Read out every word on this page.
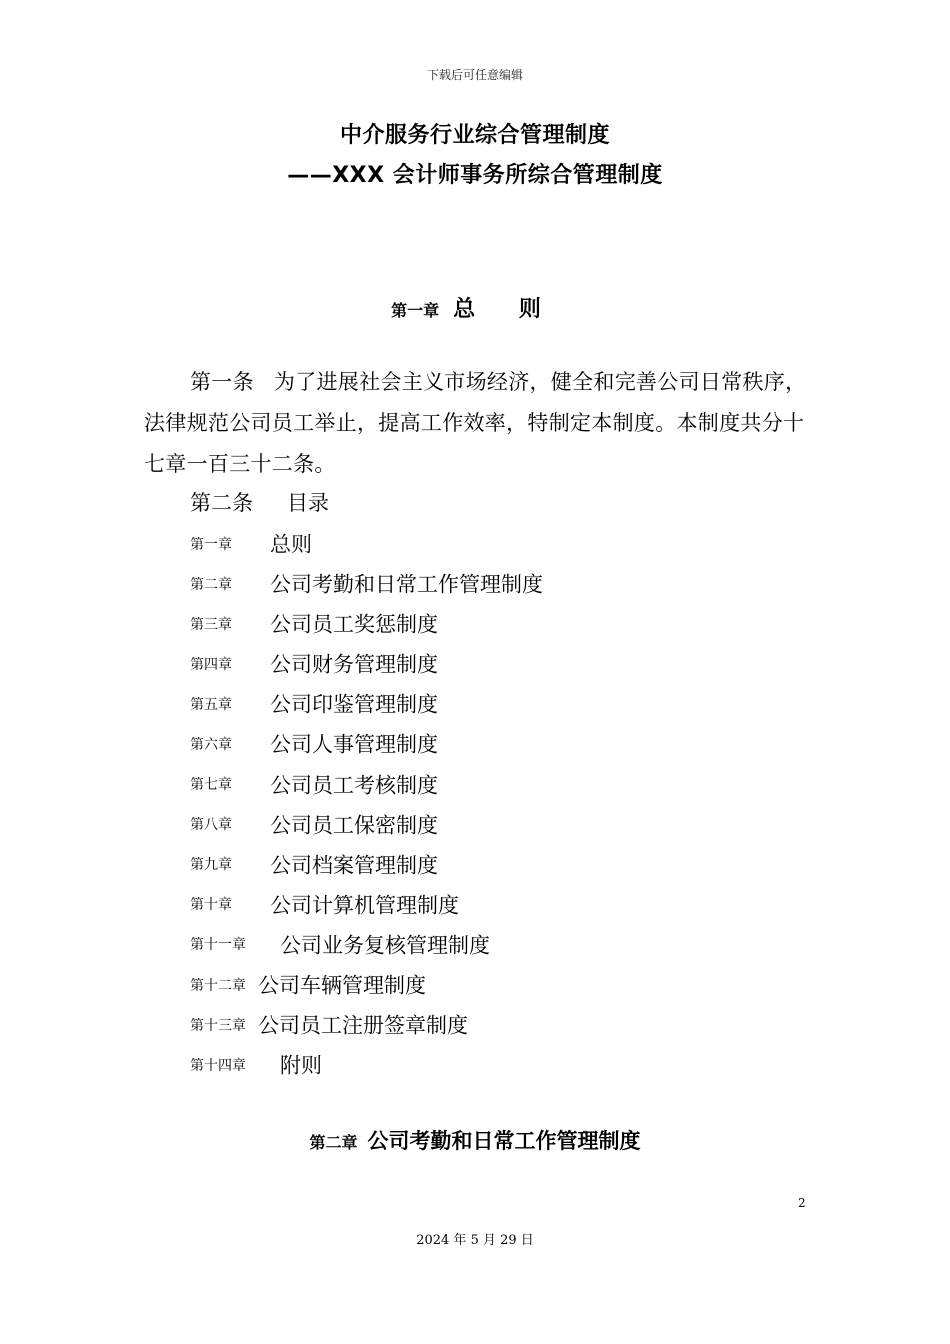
下载后可任意编辑
中介服务行业综合管理制度
——XXX 会计师事务所综合管理制度
第一章 总 则
第一条 为了进展社会主义市场经济，健全和完善公司日常秩序，法律规范公司员工举止，提高工作效率，特制定本制度。本制度共分十七章一百三十二条。
第二条 目录
第一章 总则
第二章 公司考勤和日常工作管理制度
第三章 公司员工奖惩制度
第四章 公司财务管理制度
第五章 公司印鉴管理制度
第六章 公司人事管理制度
第七章 公司员工考核制度
第八章 公司员工保密制度
第九章 公司档案管理制度
第十章 公司计算机管理制度
第十一章 公司业务复核管理制度
第十二章 公司车辆管理制度
第十三章 公司员工注册签章制度
第十四章 附则
第二章 公司考勤和日常工作管理制度
2
2024 年 5 月 29 日
